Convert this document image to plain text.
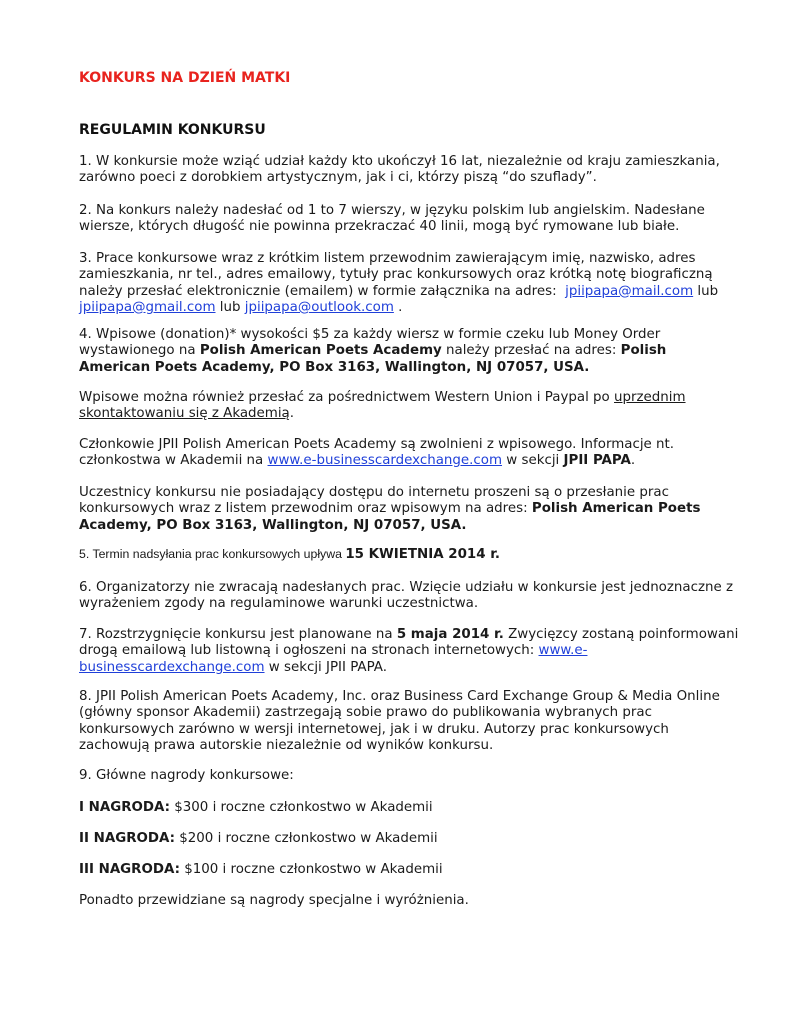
KONKURS NA DZIEŃ MATKI
REGULAMIN KONKURSU
1. W konkursie może wziąć udział każdy kto ukończył 16 lat, niezależnie od kraju zamieszkania, zarówno poeci z dorobkiem artystycznym, jak i ci, którzy piszą “do szuflady”.
2. Na konkurs należy nadesłać od 1 to 7 wierszy, w języku polskim lub angielskim. Nadesłane wiersze, których długość nie powinna przekraczać 40 linii, mogą być rymowane lub białe.
3. Prace konkursowe wraz z krótkim listem przewodnim zawierającym imię, nazwisko, adres zamieszkania, nr tel., adres emailowy, tytuły prac konkursowych oraz krótką notę biograficzną należy przesłać elektronicznie (emailem) w formie załącznika na adres: jpiipapa@mail.com lub jpiipapa@gmail.com lub jpiipapa@outlook.com .
4. Wpisowe (donation)* wysokości $5 za każdy wiersz w formie czeku lub Money Order wystawionego na Polish American Poets Academy należy przesłać na adres: Polish American Poets Academy, PO Box 3163, Wallington, NJ 07057, USA.
Wpisowe można również przesłać za pośrednictwem Western Union i Paypal po uprzednim skontaktowaniu się z Akademią.
Członkowie JPII Polish American Poets Academy są zwolnieni z wpisowego. Informacje nt. członkostwa w Akademii na www.e-businesscardexchange.com w sekcji JPII PAPA.
Uczestnicy konkursu nie posiadający dostępu do internetu proszeni są o przesłanie prac konkursowych wraz z listem przewodnim oraz wpisowym na adres: Polish American Poets Academy, PO Box 3163, Wallington, NJ 07057, USA.
5. Termin nadsyłania prac konkursowych upływa 15 KWIETNIA 2014 r.
6. Organizatorzy nie zwracają nadesłanych prac. Wzięcie udziału w konkursie jest jednoznaczne z wyrażeniem zgody na regulaminowe warunki uczestnictwa.
7. Rozstrzygnięcie konkursu jest planowane na 5 maja 2014 r. Zwycięzcy zostaną poinformowani drogą emailową lub listowną i ogłoszeni na stronach internetowych: www.e-businesscardexchange.com w sekcji JPII PAPA.
8. JPII Polish American Poets Academy, Inc. oraz Business Card Exchange Group & Media Online (główny sponsor Akademii) zastrzegają sobie prawo do publikowania wybranych prac konkursowych zarówno w wersji internetowej, jak i w druku. Autorzy prac konkursowych zachowują prawa autorskie niezależnie od wyników konkursu.
9. Główne nagrody konkursowe:
I NAGRODA: $300 i roczne członkostwo w Akademii
II NAGRODA: $200 i roczne członkostwo w Akademii
III NAGRODA: $100 i roczne członkostwo w Akademii
Ponadto przewidziane są nagrody specjalne i wyróżnienia.
